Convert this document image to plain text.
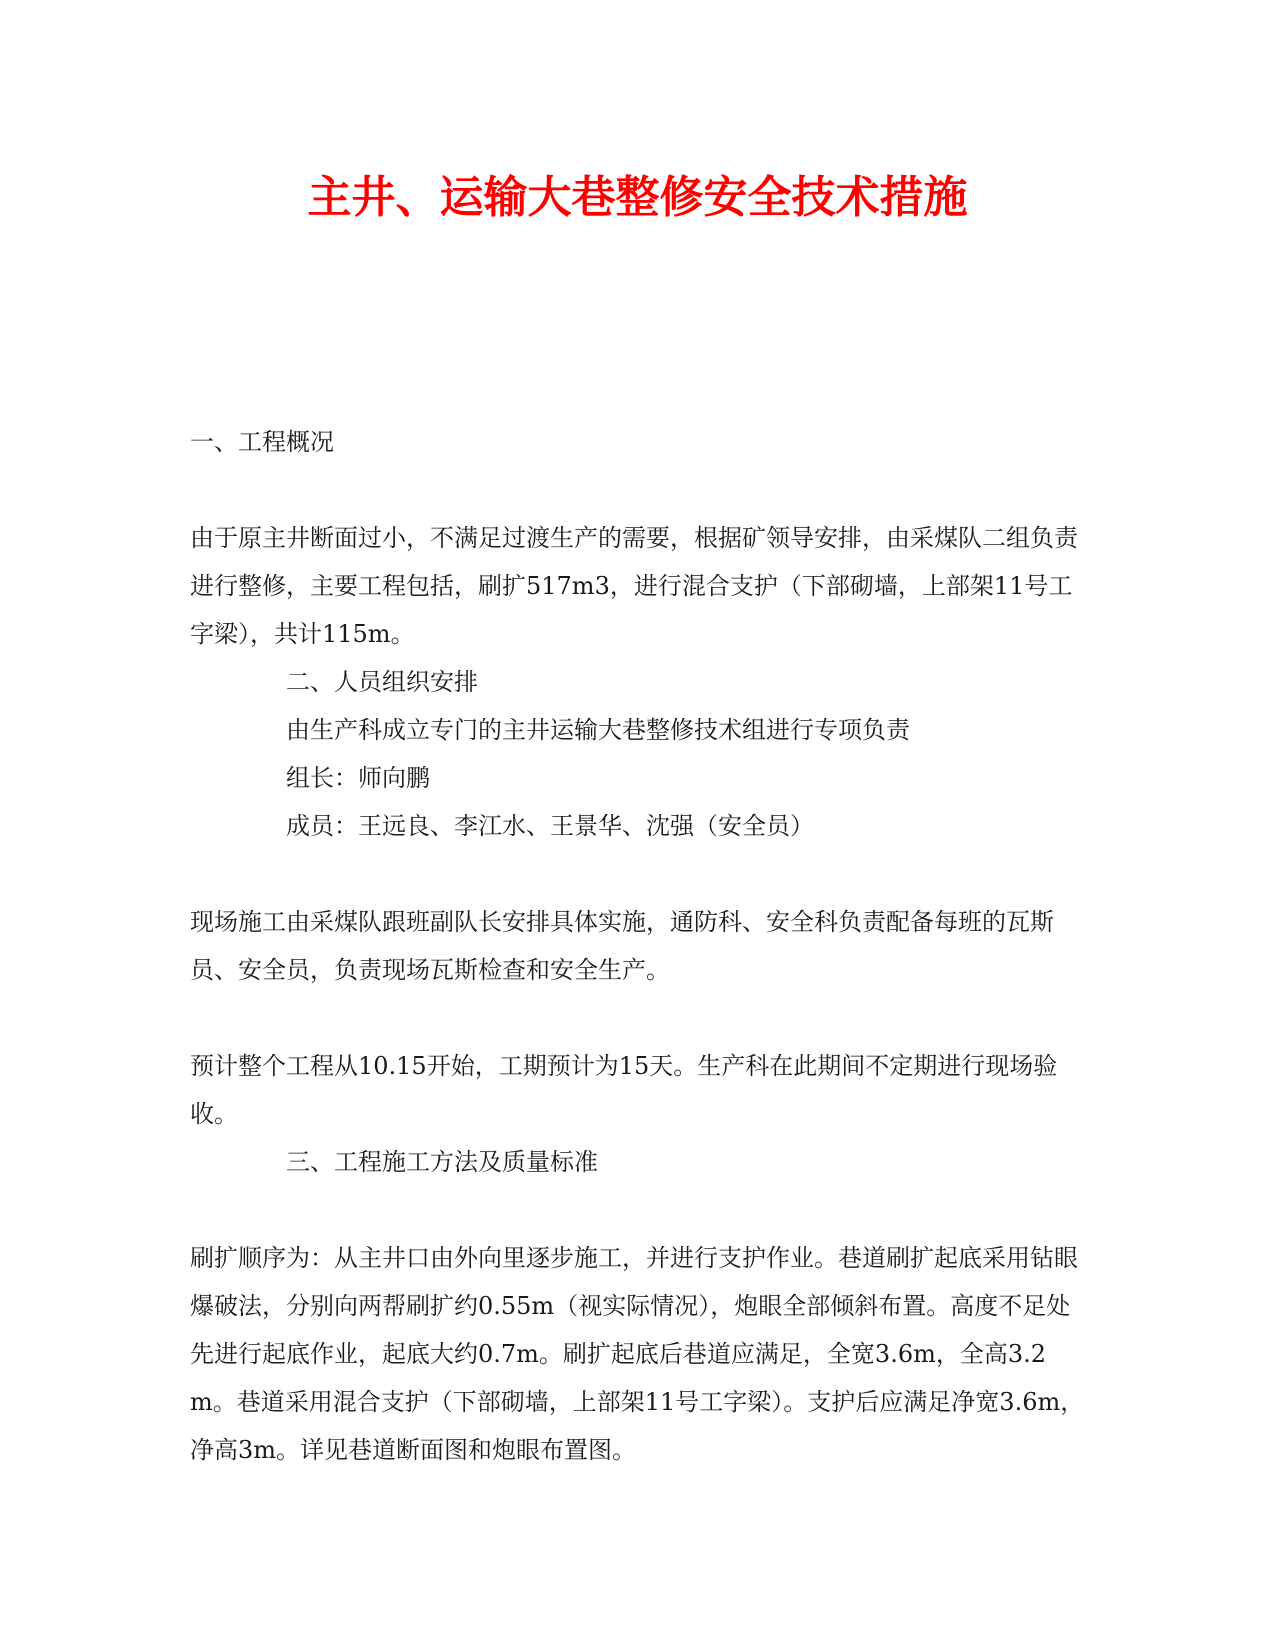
主井、运输大巷整修安全技术措施

一、工程概况

由于原主井断面过小，不满足过渡生产的需要，根据矿领导安排，由采煤队二组负责进行整修，主要工程包括，刷扩517m3，进行混合支护（下部砌墙，上部架11号工字梁），共计115m。

二、人员组织安排

由生产科成立专门的主井运输大巷整修技术组进行专项负责

组长：师向鹏

成员：王远良、李江水、王景华、沈强（安全员）

现场施工由采煤队跟班副队长安排具体实施，通防科、安全科负责配备每班的瓦斯员、安全员，负责现场瓦斯检查和安全生产。

预计整个工程从10.15开始，工期预计为15天。生产科在此期间不定期进行现场验收。

三、工程施工方法及质量标准

刷扩顺序为：从主井口由外向里逐步施工，并进行支护作业。巷道刷扩起底采用钻眼爆破法，分别向两帮刷扩约0.55m（视实际情况），炮眼全部倾斜布置。高度不足处先进行起底作业，起底大约0.7m。刷扩起底后巷道应满足，全宽3.6m，全高3.2m。巷道采用混合支护（下部砌墙，上部架11号工字梁）。支护后应满足净宽3.6m，净高3m。详见巷道断面图和炮眼布置图。
